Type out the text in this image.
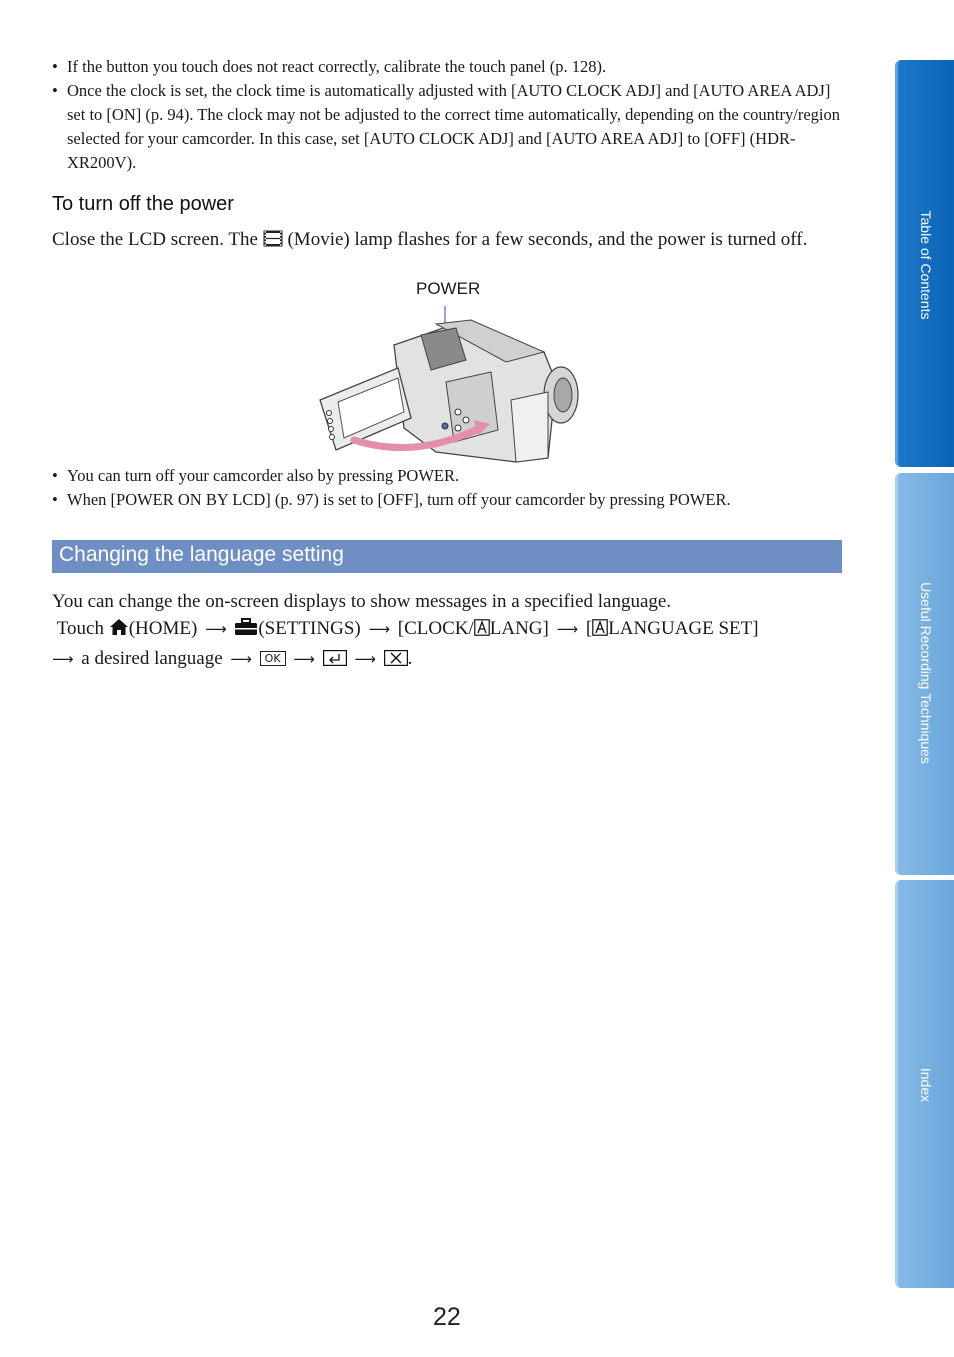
• If the button you touch does not react correctly, calibrate the touch panel (p. 128).
• Once the clock is set, the clock time is automatically adjusted with [AUTO CLOCK ADJ] and [AUTO AREA ADJ] set to [ON] (p. 94). The clock may not be adjusted to the correct time automatically, depending on the country/region selected for your camcorder. In this case, set [AUTO CLOCK ADJ] and [AUTO AREA ADJ] to [OFF] (HDR-XR200V).
To turn off the power
Close the LCD screen. The (Movie) lamp flashes for a few seconds, and the power is turned off.
POWER
• You can turn off your camcorder also by pressing POWER.
• When [POWER ON BY LCD] (p. 97) is set to [OFF], turn off your camcorder by pressing POWER.
Changing the language setting
You can change the on-screen displays to show messages in a specified language.
Touch (HOME) ⟶ (SETTINGS) ⟶ [CLOCK/ LANG] ⟶ [ LANGUAGE SET]
⟶ a desired language ⟶ OK ⟶	⟶ .
Table of Contents
Useful Recording Techniques
Index
22
